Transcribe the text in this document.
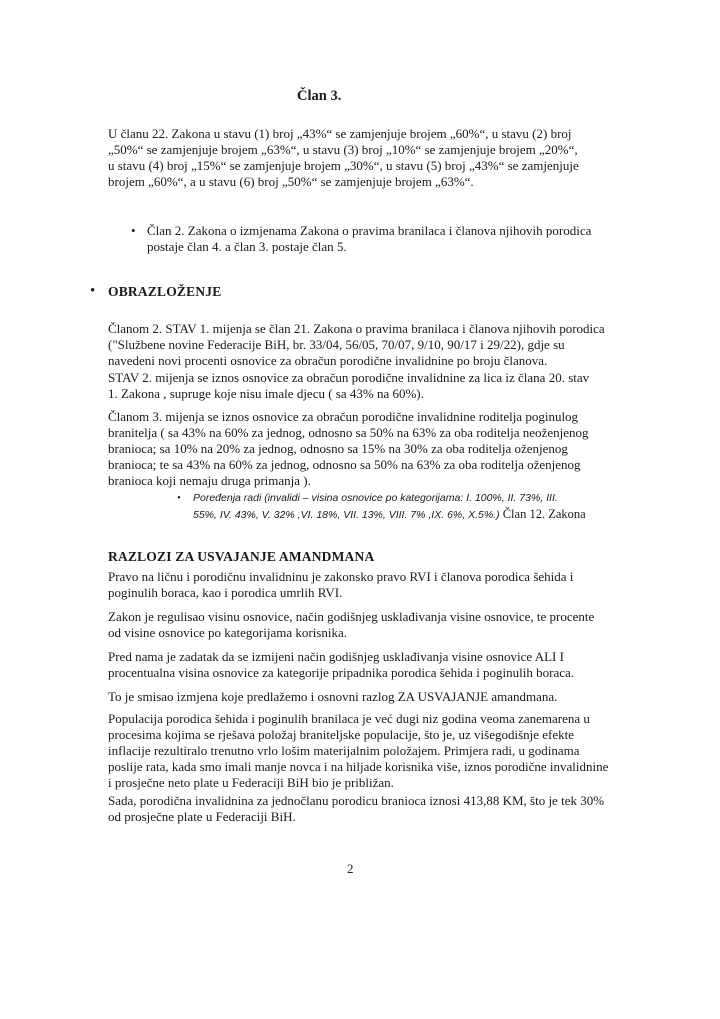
Član 3.

U članu 22. Zakona u stavu (1) broj „43%“ se zamjenjuje brojem „60%“, u stavu (2) broj
„50%“ se zamjenjuje brojem „63%“, u stavu (3) broj „10%“ se zamjenjuje brojem „20%“,
u stavu (4) broj „15%“ se zamjenjuje brojem „30%“, u stavu (5) broj „43%“ se zamjenjuje
brojem „60%“, a u stavu (6) broj „50%“ se zamjenjuje brojem „63%“.
• Član 2. Zakona o izmjenama Zakona o pravima branilaca i članova njihovih porodica
postaje član 4. a član 3. postaje član 5.
• OBRAZLOŽENJE

Članom 2. STAV 1. mijenja se član 21. Zakona o pravima branilaca i članova njihovih porodica
("Službene novine Federacije BiH, br. 33/04, 56/05, 70/07, 9/10, 90/17 i 29/22), gdje su
navedeni novi procenti osnovice za obračun porodične invalidnine po broju članova.
STAV 2. mijenja se iznos osnovice za obračun porodične invalidnine za lica iz člana 20. stav
1. Zakona , supruge koje nisu imale djecu ( sa 43% na 60%).
Članom 3. mijenja se iznos osnovice za obračun porodične invalidnine roditelja poginulog
branitelja ( sa 43% na 60% za jednog, odnosno sa 50% na 63% za oba roditelja neoženjenog
branioca; sa 10% na 20% za jednog, odnosno sa 15% na 30% za oba roditelja oženjenog
branioca; te sa 43% na 60% za jednog, odnosno sa 50% na 63% za oba roditelja oženjenog
branioca koji nemaju druga primanja ).
• Poređenja radi (invalidi – visina osnovice po kategorijama: I. 100%, II. 73%, III.
55%, IV. 43%, V. 32% ,VI. 18%, VII. 13%, VIII. 7% ,IX. 6%, X.5%.) Član 12. Zakona

RAZLOZI ZA USVAJANJE AMANDMANA

Pravo na ličnu i porodičnu invalidninu je zakonsko pravo RVI i članova porodica šehida i
poginulih boraca, kao i porodica umrlih RVI.
Zakon je regulisao visinu osnovice, način godišnjeg usklađivanja visine osnovice, te procente
od visine osnovice po kategorijama korisnika.
Pred nama je zadatak da se izmijeni način godišnjeg usklađivanja visine osnovice ALI I
procentualna visina osnovice za kategorije pripadnika porodica šehida i poginulih boraca.
To je smisao izmjena koje predlažemo i osnovni razlog ZA USVAJANJE amandmana.
Populacija porodica šehida i poginulih branilaca je već dugi niz godina veoma zanemarena u
procesima kojima se rješava položaj braniteljske populacije, što je, uz višegodišnje efekte
inflacije rezultiralo trenutno vrlo lošim materijalnim položajem. Primjera radi, u godinama
poslije rata, kada smo imali manje novca i na hiljade korisnika više, iznos porodične invalidnine
i prosječne neto plate u Federaciji BiH bio je približan.
Sada, porodična invalidnina za jednočlanu porodicu branioca iznosi 413,88 KM, što je tek 30%
od prosječne plate u Federaciji BiH.

2
